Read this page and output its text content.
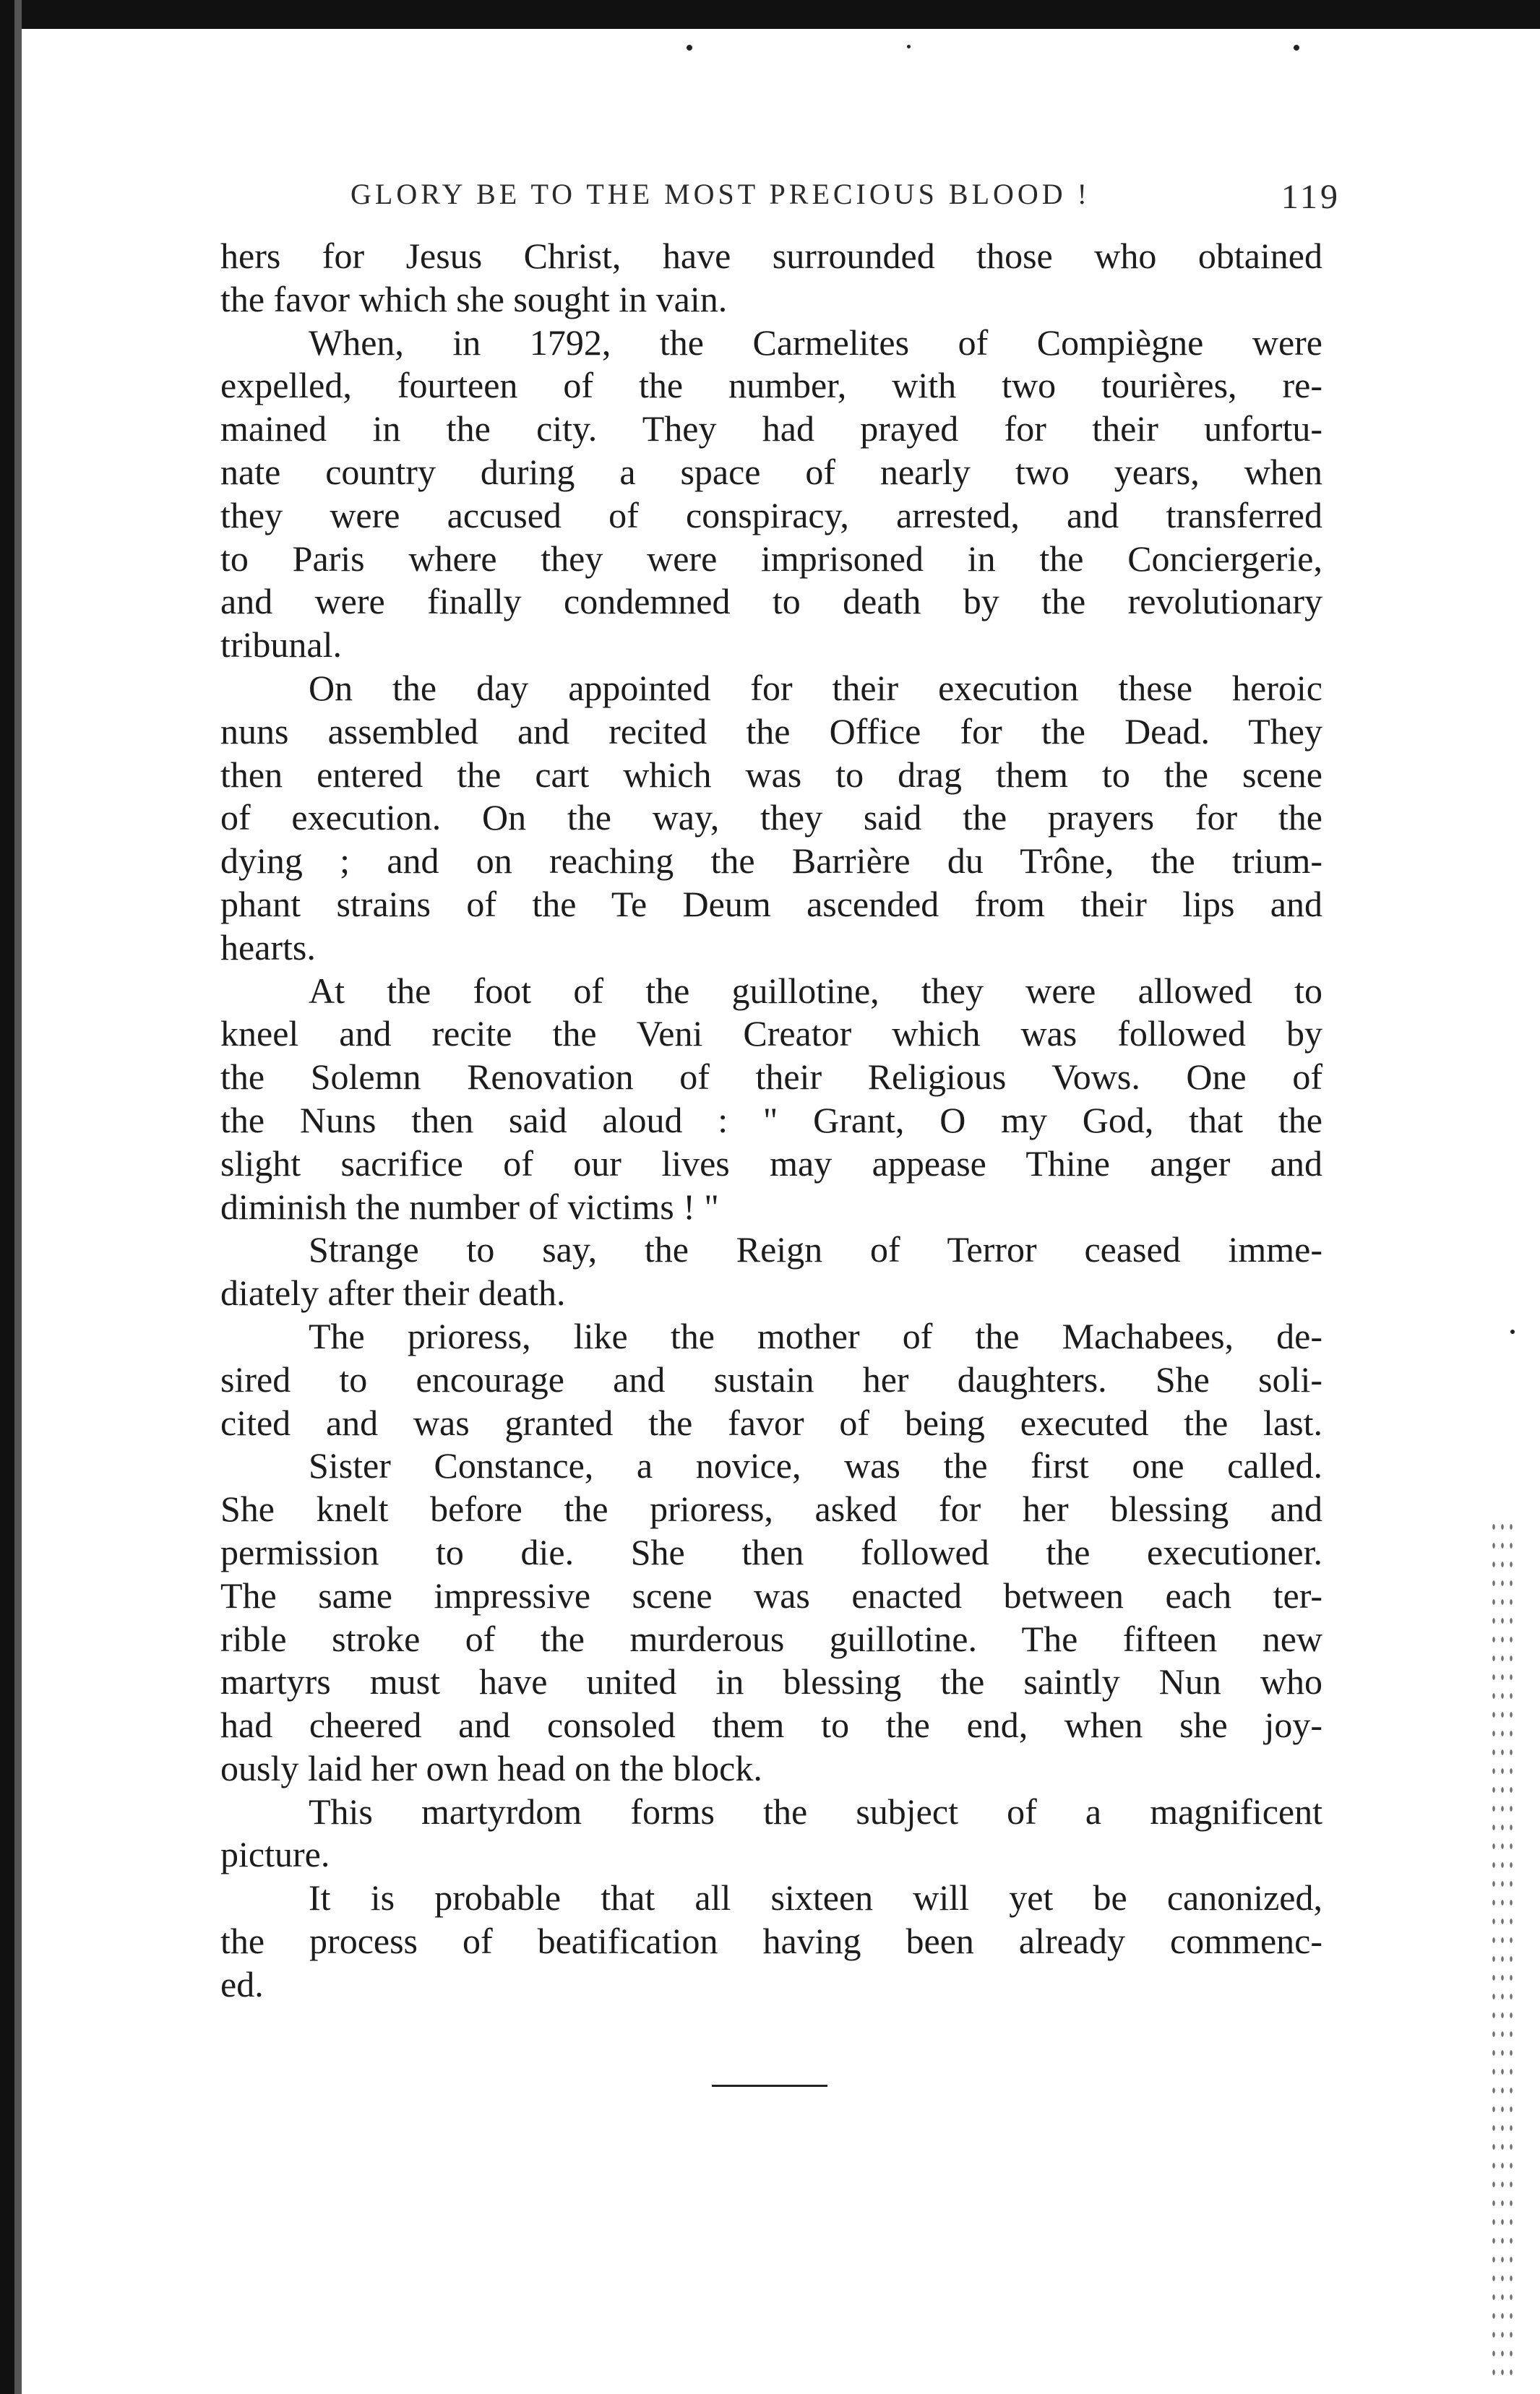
GLORY BE TO THE MOST PRECIOUS BLOOD !	119
hers for Jesus Christ, have surrounded those who obtained
the favor which she sought in vain.
When, in 1792, the Carmelites of Compiègne were
expelled, fourteen of the number, with two tourières, re-
mained in the city. They had prayed for their unfortu-
nate country during a space of nearly two years, when
they were accused of conspiracy, arrested, and transferred
to Paris where they were imprisoned in the Conciergerie,
and were finally condemned to death by the revolutionary
tribunal.
On the day appointed for their execution these heroic
nuns assembled and recited the Office for the Dead. They
then entered the cart which was to drag them to the scene
of execution. On the way, they said the prayers for the
dying ; and on reaching the Barrière du Trône, the trium-
phant strains of the Te Deum ascended from their lips and
hearts.
At the foot of the guillotine, they were allowed to
kneel and recite the Veni Creator which was followed by
the Solemn Renovation of their Religious Vows. One of
the Nuns then said aloud : " Grant, O my God, that the
slight sacrifice of our lives may appease Thine anger and
diminish the number of victims ! "
Strange to say, the Reign of Terror ceased imme-
diately after their death.
The prioress, like the mother of the Machabees, de-
sired to encourage and sustain her daughters. She soli-
cited and was granted the favor of being executed the last.
Sister Constance, a novice, was the first one called.
She knelt before the prioress, asked for her blessing and
permission to die. She then followed the executioner.
The same impressive scene was enacted between each ter-
rible stroke of the murderous guillotine. The fifteen new
martyrs must have united in blessing the saintly Nun who
had cheered and consoled them to the end, when she joy-
ously laid her own head on the block.
This martyrdom forms the subject of a magnificent
picture.
It is probable that all sixteen will yet be canonized,
the process of beatification having been already commenc-
ed.
